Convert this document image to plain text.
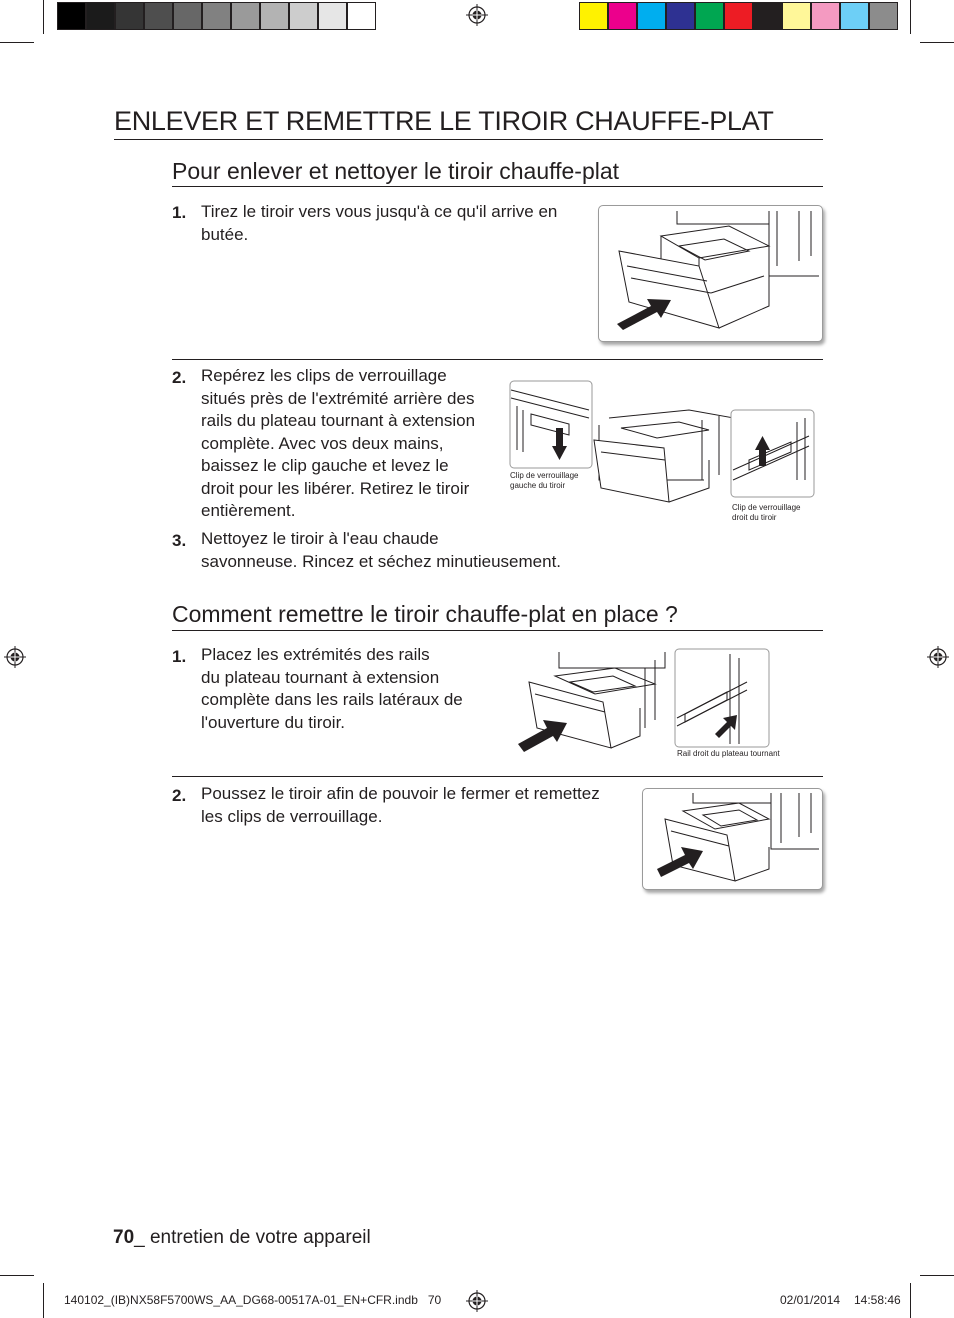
ENLEVER ET REMETTRE LE TIROIR CHAUFFE-PLAT
Pour enlever et nettoyer le tiroir chauffe-plat
1. Tirez le tiroir vers vous jusqu'à ce qu'il arrive en
butée.
2. Repérez les clips de verrouillage
situés près de l'extrémité arrière des
rails du plateau tournant à extension
complète. Avec vos deux mains,
baissez le clip gauche et levez le
droit pour les libérer. Retirez le tiroir
entièrement.
Clip de verrouillage
gauche du tiroir
Clip de verrouillage
droit du tiroir
3. Nettoyez le tiroir à l'eau chaude
savonneuse. Rincez et séchez minutieusement.
Comment remettre le tiroir chauffe-plat en place ?
1. Placez les extrémités des rails
du plateau tournant à extension
complète dans les rails latéraux de
l'ouverture du tiroir.
Rail droit du plateau tournant
2. Poussez le tiroir afin de pouvoir le fermer et remettez
les clips de verrouillage.
70_ entretien de votre appareil
140102_(IB)NX58F5700WS_AA_DG68-00517A-01_EN+CFR.indb   70	02/01/2014 14:58:46
